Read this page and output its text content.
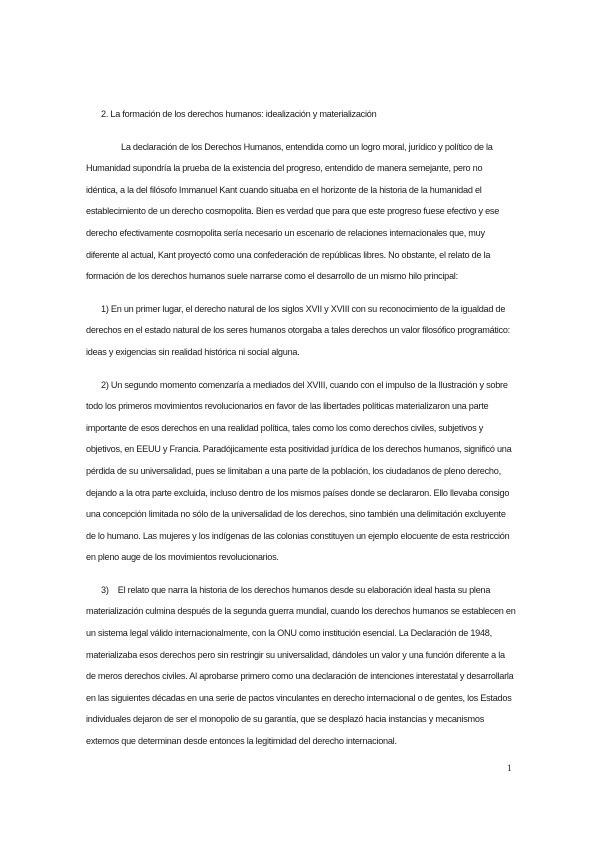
2. La formación de los derechos humanos: idealización y materialización

La declaración de los Derechos Humanos, entendida como un logro moral, jurídico y político de la Humanidad supondría la prueba de la existencia del progreso, entendido de manera semejante, pero no idéntica, a la del filósofo Immanuel Kant cuando situaba en el horizonte de la historia de la humanidad el establecimiento de un derecho cosmopolita. Bien es verdad que para que este progreso fuese efectivo y ese derecho efectivamente cosmopolita sería necesario un escenario de relaciones internacionales que, muy diferente al actual, Kant proyectó como una confederación de repúblicas libres. No obstante, el relato de la formación de los derechos humanos suele narrarse como el desarrollo de un mismo hilo principal:

1) En un primer lugar, el derecho natural de los siglos XVII y XVIII con su reconocimiento de la igualdad de derechos en el estado natural de los seres humanos otorgaba a tales derechos un valor filosófico programático: ideas y exigencias sin realidad histórica ni social alguna.

2) Un segundo momento comenzaría a mediados del XVIII, cuando con el impulso de la Ilustración y sobre todo los primeros movimientos revolucionarios en favor de las libertades políticas materializaron una parte importante de esos derechos en una realidad política, tales como los como derechos civiles, subjetivos y objetivos, en EEUU y Francia. Paradójicamente esta positividad jurídica de los derechos humanos, significó una pérdida de su universalidad, pues se limitaban a una parte de la población, los ciudadanos de pleno derecho, dejando a la otra parte excluida, incluso dentro de los mismos países donde se declararon. Ello llevaba consigo una concepción limitada no sólo de la universalidad de los derechos, sino también una delimitación excluyente de lo humano. Las mujeres y los indígenas de las colonias constituyen un ejemplo elocuente de esta restricción en pleno auge de los movimientos revolucionarios.

3)    El relato que narra la historia de los derechos humanos desde su elaboración ideal hasta su plena materialización culmina después de la segunda guerra mundial, cuando los derechos humanos se establecen en un sistema legal válido internacionalmente, con la ONU como institución esencial. La Declaración de 1948, materializaba esos derechos pero sin restringir su universalidad, dándoles un valor y una función diferente a la de meros derechos civiles. Al aprobarse primero como una declaración de intenciones interestatal y desarrollarla en las siguientes décadas en una serie de pactos vinculantes en derecho internacional o de gentes, los Estados individuales dejaron de ser el monopolio de su garantía, que se desplazó hacia instancias y mecanismos externos que determinan desde entonces la legitimidad del derecho internacional.

1
